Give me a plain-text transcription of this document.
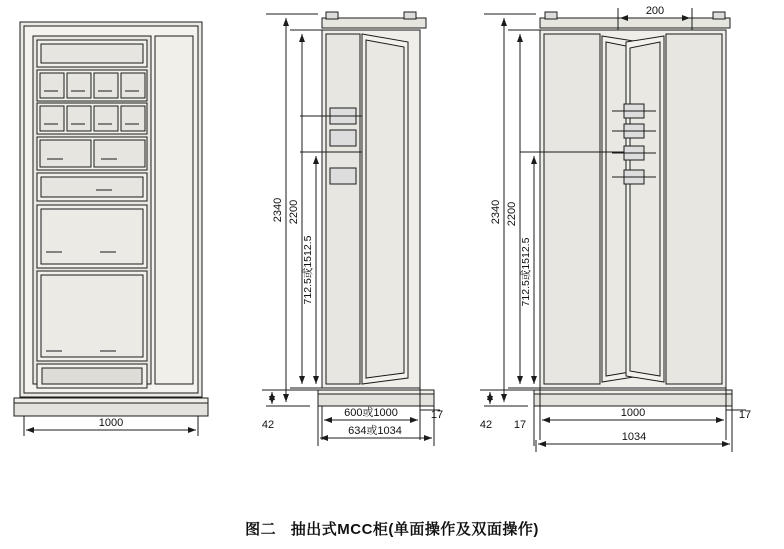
1000
2340 2200
712.5或1512.5
42
600或1000
634或1034
17
200
2340 2200
712.5或1512.5
42 17
1000
1034
17
图二 抽出式MCC柜(单面操作及双面操作)
